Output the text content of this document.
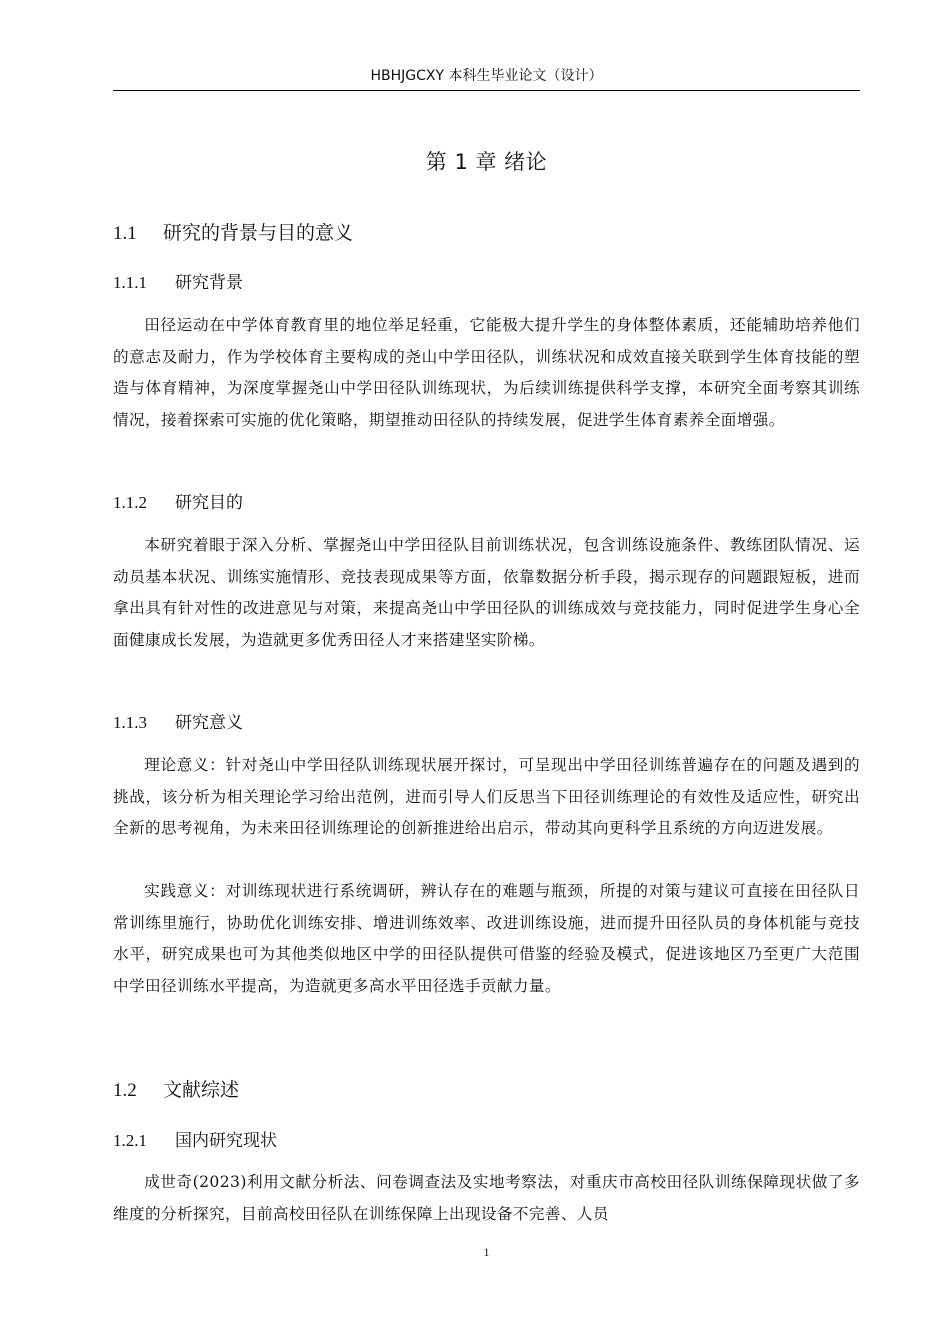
HBHJGCXY 本科生毕业论文（设计）
第 1 章 绪论
1.1 研究的背景与目的意义
1.1.1 研究背景

田径运动在中学体育教育里的地位举足轻重，它能极大提升学生的身体整体素质，还能辅助培养他们的意志及耐力，作为学校体育主要构成的尧山中学田径队，训练状况和成效直接关联到学生体育技能的塑造与体育精神，为深度掌握尧山中学田径队训练现状，为后续训练提供科学支撑，本研究全面考察其训练情况，接着探索可实施的优化策略，期望推动田径队的持续发展，促进学生体育素养全面增强。

1.1.2 研究目的

本研究着眼于深入分析、掌握尧山中学田径队目前训练状况，包含训练设施条件、教练团队情况、运动员基本状况、训练实施情形、竞技表现成果等方面，依靠数据分析手段，揭示现存的问题跟短板，进而拿出具有针对性的改进意见与对策，来提高尧山中学田径队的训练成效与竞技能力，同时促进学生身心全面健康成长发展，为造就更多优秀田径人才来搭建坚实阶梯。

1.1.3 研究意义

理论意义：针对尧山中学田径队训练现状展开探讨，可呈现出中学田径训练普遍存在的问题及遇到的挑战，该分析为相关理论学习给出范例，进而引导人们反思当下田径训练理论的有效性及适应性，研究出全新的思考视角，为未来田径训练理论的创新推进给出启示，带动其向更科学且系统的方向迈进发展。

实践意义：对训练现状进行系统调研，辨认存在的难题与瓶颈，所提的对策与建议可直接在田径队日常训练里施行，协助优化训练安排、增进训练效率、改进训练设施，进而提升田径队员的身体机能与竞技水平，研究成果也可为其他类似地区中学的田径队提供可借鉴的经验及模式，促进该地区乃至更广大范围中学田径训练水平提高，为造就更多高水平田径选手贡献力量。

1.2 文献综述
1.2.1 国内研究现状

成世奇(2023)利用文献分析法、问卷调查法及实地考察法，对重庆市高校田径队训练保障现状做了多维度的分析探究，目前高校田径队在训练保障上出现设备不完善、人员

1
